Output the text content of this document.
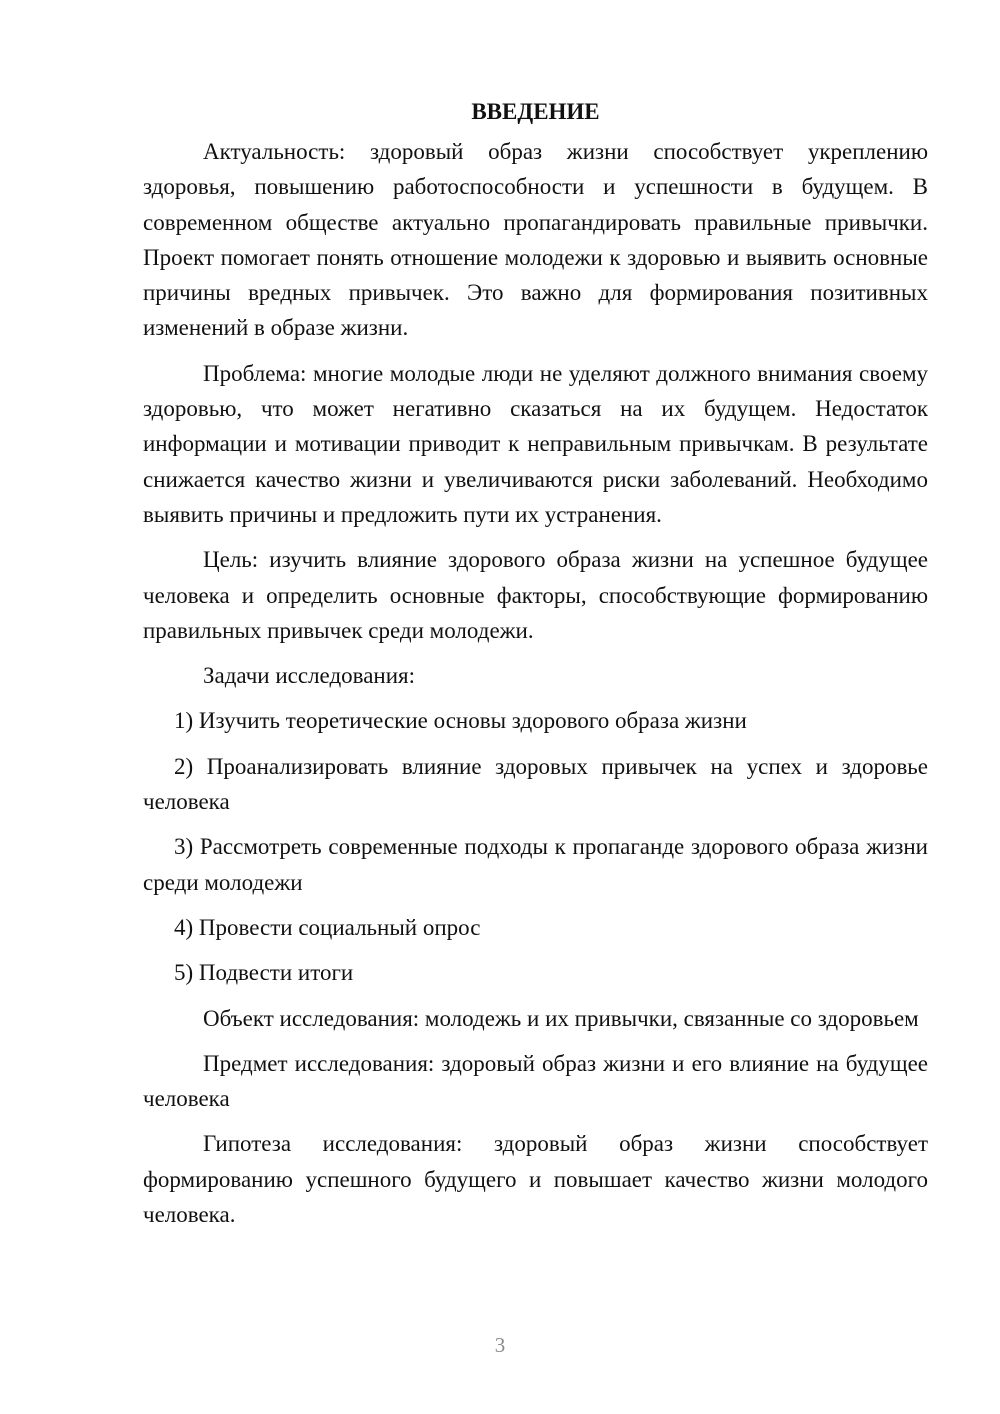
ВВЕДЕНИЕ

Актуальность: здоровый образ жизни способствует укреплению здоровья, повышению работоспособности и успешности в будущем. В современном обществе актуально пропагандировать правильные привычки. Проект помогает понять отношение молодежи к здоровью и выявить основные причины вредных привычек. Это важно для формирования позитивных изменений в образе жизни.

Проблема: многие молодые люди не уделяют должного внимания своему здоровью, что может негативно сказаться на их будущем. Недостаток информации и мотивации приводит к неправильным привычкам. В результате снижается качество жизни и увеличиваются риски заболеваний. Необходимо выявить причины и предложить пути их устранения.

Цель: изучить влияние здорового образа жизни на успешное будущее человека и определить основные факторы, способствующие формированию правильных привычек среди молодежи.

Задачи исследования:

1) Изучить теоретические основы здорового образа жизни

2) Проанализировать влияние здоровых привычек на успех и здоровье человека

3) Рассмотреть современные подходы к пропаганде здорового образа жизни среди молодежи

4) Провести социальный опрос

5) Подвести итоги

Объект исследования: молодежь и их привычки, связанные со здоровьем

Предмет исследования: здоровый образ жизни и его влияние на будущее человека

Гипотеза исследования: здоровый образ жизни способствует формированию успешного будущего и повышает качество жизни молодого человека.

3
